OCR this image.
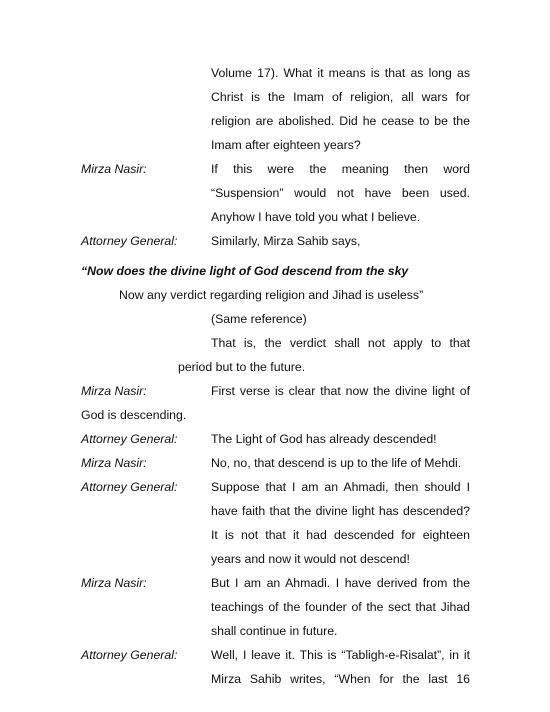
Volume 17). What it means is that as long as
Christ is the Imam of religion, all wars for
religion are abolished. Did he cease to be the
Imam after eighteen years?
Mirza Nasir:	If this were the meaning then word
“Suspension” would not have been used.
Anyhow I have told you what I believe.
Attorney General:	Similarly, Mirza Sahib says,
“Now does the divine light of God descend from the sky
Now any verdict regarding religion and Jihad is useless”
(Same reference)
That is, the verdict shall not apply to that
period but to the future.
Mirza Nasir:	First verse is clear that now the divine light of
God is descending.
Attorney General:	The Light of God has already descended!
Mirza Nasir:	No, no, that descend is up to the life of Mehdi.
Attorney General:	Suppose that I am an Ahmadi, then should I
have faith that the divine light has descended?
It is not that it had descended for eighteen
years and now it would not descend!
Mirza Nasir:	But I am an Ahmadi. I have derived from the
teachings of the founder of the sect that Jihad
shall continue in future.
Attorney General:	Well, I leave it. This is “Tabligh-e-Risalat”, in it
Mirza Sahib writes, “When for the last 16
